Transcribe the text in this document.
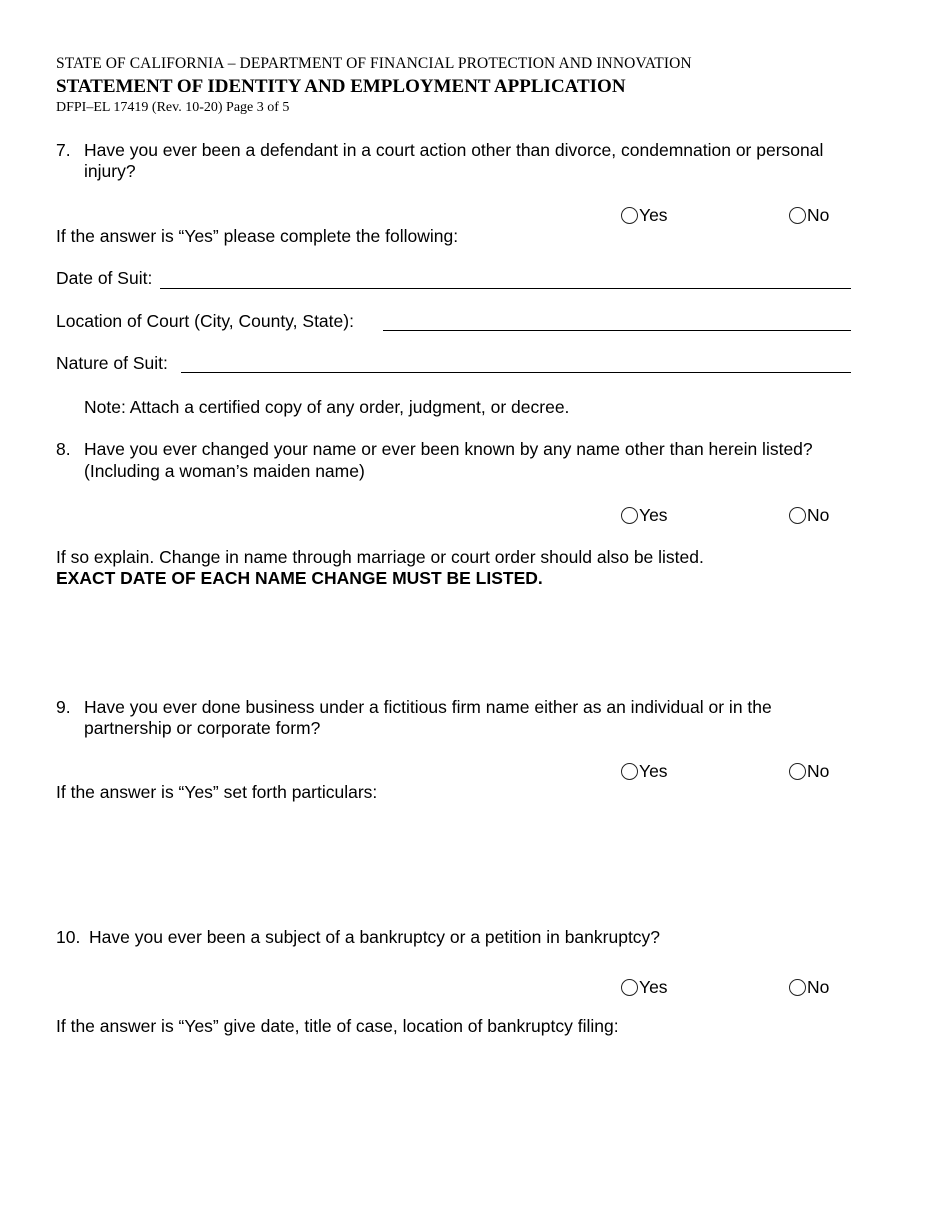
STATE OF CALIFORNIA – DEPARTMENT OF FINANCIAL PROTECTION AND INNOVATION
STATEMENT OF IDENTITY AND EMPLOYMENT APPLICATION
DFPI–EL 17419 (Rev. 10-20) Page 3 of 5
7. Have you ever been a defendant in a court action other than divorce, condemnation or personal
injury?
Yes	No
If the answer is “Yes” please complete the following:
Date of Suit:
Location of Court (City, County, State):
Nature of Suit:
Note: Attach a certified copy of any order, judgment, or decree.
8. Have you ever changed your name or ever been known by any name other than herein listed?
(Including a woman’s maiden name)
Yes	No
If so explain. Change in name through marriage or court order should also be listed.
EXACT DATE OF EACH NAME CHANGE MUST BE LISTED.
9. Have you ever done business under a fictitious firm name either as an individual or in the
partnership or corporate form?
Yes	No
If the answer is “Yes” set forth particulars:
10. Have you ever been a subject of a bankruptcy or a petition in bankruptcy?
Yes	No
If the answer is “Yes” give date, title of case, location of bankruptcy filing:
